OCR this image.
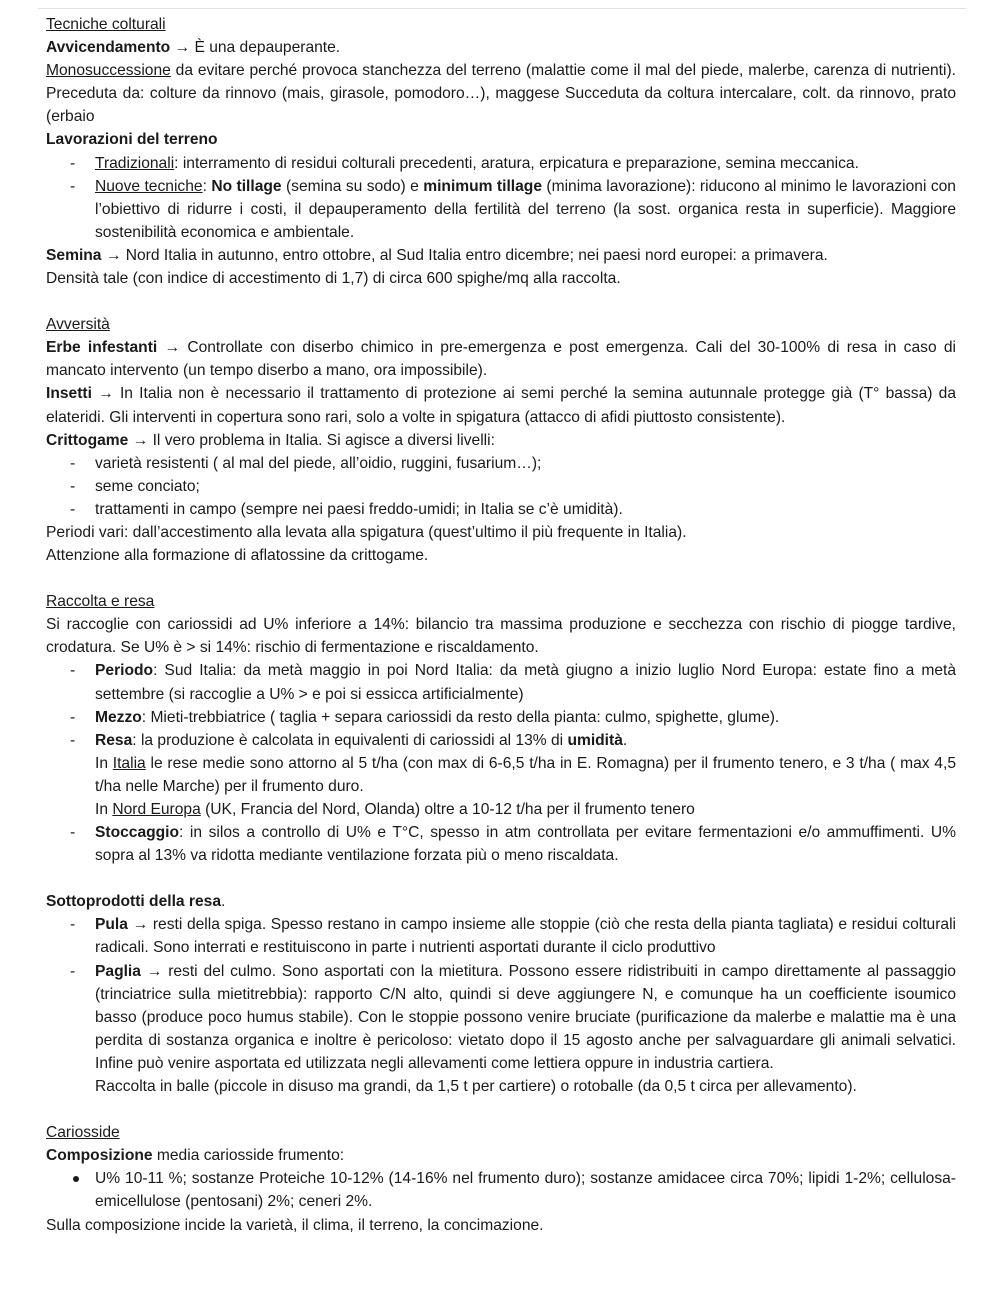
Tecniche colturali
Avvicendamento → È una depauperante.
Monosuccessione da evitare perché provoca stanchezza del terreno (malattie come il mal del piede, malerbe, carenza di nutrienti). Preceduta da: colture da rinnovo (mais, girasole, pomodoro…), maggese Succeduta da coltura intercalare, colt. da rinnovo, prato (erbaio
Lavorazioni del terreno
- Tradizionali: interramento di residui colturali precedenti, aratura, erpicatura e preparazione, semina meccanica.
- Nuove tecniche: No tillage (semina su sodo) e minimum tillage (minima lavorazione): riducono al minimo le lavorazioni con l’obiettivo di ridurre i costi, il depauperamento della fertilità del terreno (la sost. organica resta in superficie). Maggiore sostenibilità economica e ambientale.
Semina → Nord Italia in autunno, entro ottobre, al Sud Italia entro dicembre; nei paesi nord europei: a primavera.
Densità tale (con indice di accestimento di 1,7) di circa 600 spighe/mq alla raccolta.
Avversità
Erbe infestanti → Controllate con diserbo chimico in pre-emergenza e post emergenza. Cali del 30-100% di resa in caso di mancato intervento (un tempo diserbo a mano, ora impossibile).
Insetti → In Italia non è necessario il trattamento di protezione ai semi perché la semina autunnale protegge già (T° bassa) da elateridi. Gli interventi in copertura sono rari, solo a volte in spigatura (attacco di afidi piuttosto consistente).
Crittogame → Il vero problema in Italia. Si agisce a diversi livelli:
- varietà resistenti ( al mal del piede, all’oidio, ruggini, fusarium…);
- seme conciato;
- trattamenti in campo (sempre nei paesi freddo-umidi; in Italia se c’è umidità).
Periodi vari: dall’accestimento alla levata alla spigatura (quest’ultimo il più frequente in Italia).
Attenzione alla formazione di aflatossine da crittogame.
Raccolta e resa
Si raccoglie con cariossidi ad U% inferiore a 14%: bilancio tra massima produzione e secchezza con rischio di piogge tardive, crodatura. Se U% è > si 14%: rischio di fermentazione e riscaldamento.
- Periodo: Sud Italia: da metà maggio in poi Nord Italia: da metà giugno a inizio luglio Nord Europa: estate fino a metà settembre (si raccoglie a U% > e poi si essicca artificialmente)
- Mezzo: Mieti-trebbiatrice ( taglia + separa cariossidi da resto della pianta: culmo, spighette, glume).
- Resa: la produzione è calcolata in equivalenti di cariossidi al 13% di umidità.
In Italia le rese medie sono attorno al 5 t/ha (con max di 6-6,5 t/ha in E. Romagna) per il frumento tenero, e 3 t/ha ( max 4,5 t/ha nelle Marche) per il frumento duro.
In Nord Europa (UK, Francia del Nord, Olanda) oltre a 10-12 t/ha per il frumento tenero
- Stoccaggio: in silos a controllo di U% e T°C, spesso in atm controllata per evitare fermentazioni e/o ammuffimenti. U% sopra al 13% va ridotta mediante ventilazione forzata più o meno riscaldata.
Sottoprodotti della resa.
- Pula → resti della spiga. Spesso restano in campo insieme alle stoppie (ciò che resta della pianta tagliata) e residui colturali radicali. Sono interrati e restituiscono in parte i nutrienti asportati durante il ciclo produttivo
- Paglia → resti del culmo. Sono asportati con la mietitura. Possono essere ridistribuiti in campo direttamente al passaggio (trinciatrice sulla mietitrebbia): rapporto C/N alto, quindi si deve aggiungere N, e comunque ha un coefficiente isoumico basso (produce poco humus stabile). Con le stoppie possono venire bruciate (purificazione da malerbe e malattie ma è una perdita di sostanza organica e inoltre è pericoloso: vietato dopo il 15 agosto anche per salvaguardare gli animali selvatici. Infine può venire asportata ed utilizzata negli allevamenti come lettiera oppure in industria cartiera.
Raccolta in balle (piccole in disuso ma grandi, da 1,5 t per cartiere) o rotoballe (da 0,5 t circa per allevamento).
Cariosside
Composizione media cariosside frumento:
U% 10-11 %; sostanze Proteiche 10-12% (14-16% nel frumento duro); sostanze amidacee circa 70%; lipidi 1-2%; cellulosa-emicellulose (pentosani) 2%; ceneri 2%.
Sulla composizione incide la varietà, il clima, il terreno, la concimazione.
